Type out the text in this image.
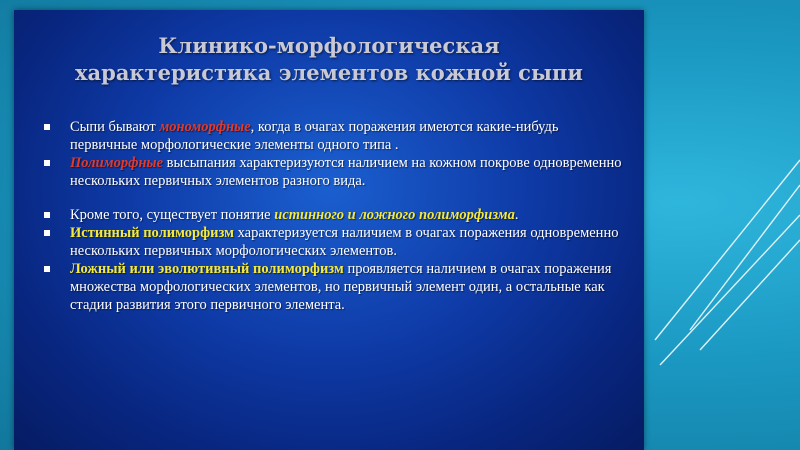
Клинико-морфологическая
характеристика элементов кожной сыпи
Сыпи бывают мономорфные, когда в очагах поражения имеются какие-нибудь первичные морфологические элементы одного типа .
Полиморфные высыпания характеризуются наличием на кожном покрове одновременно нескольких первичных элементов разного вида.
Кроме того, существует понятие истинного и ложного полиморфизма.
Истинный полиморфизм характеризуется наличием в очагах поражения одновременно нескольких первичных морфологических элементов.
Ложный или эволютивный полиморфизм проявляется наличием в очагах поражения множества морфологических элементов, но первичный элемент один, а остальные как стадии развития этого первичного элемента.
